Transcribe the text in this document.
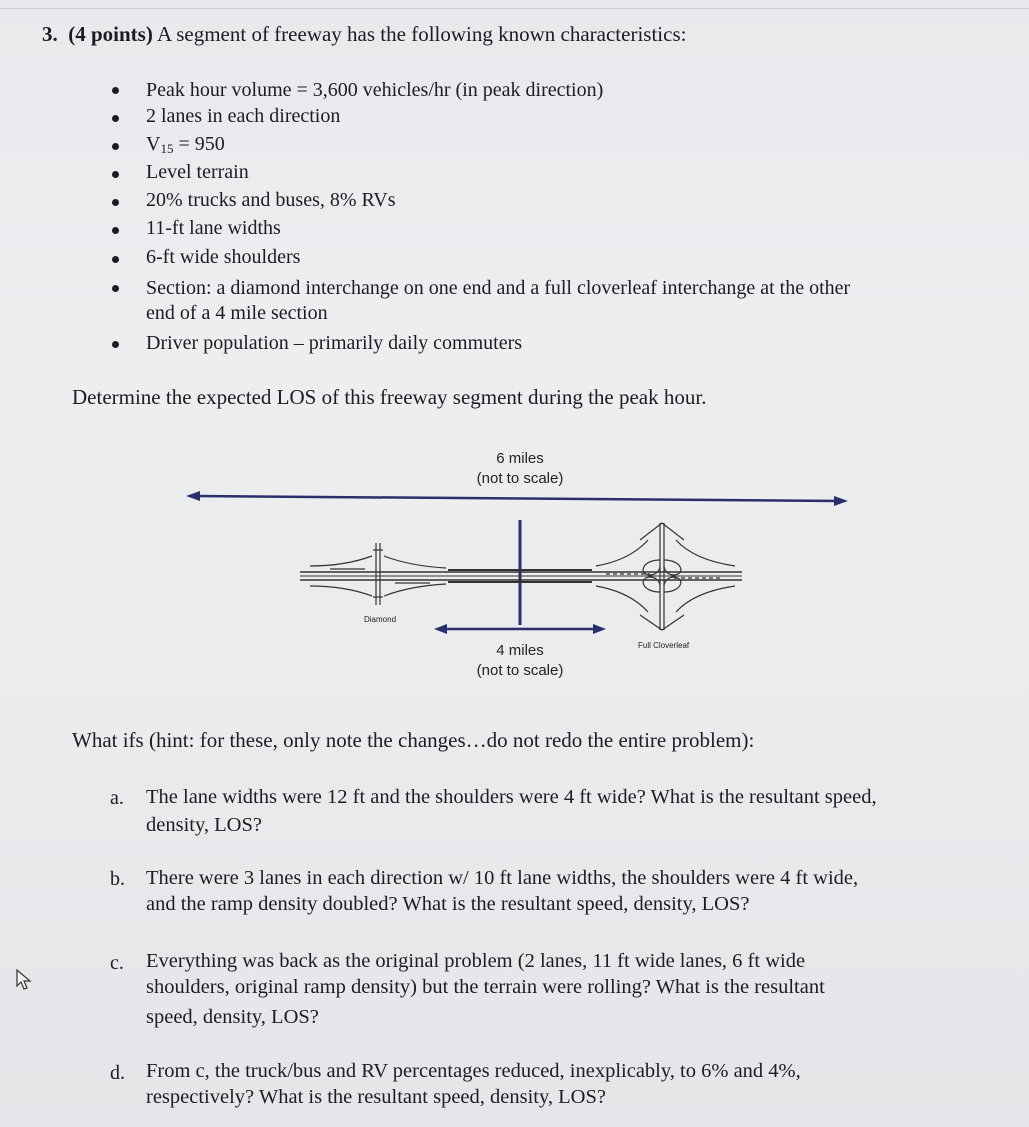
3. (4 points) A segment of freeway has the following known characteristics:
Peak hour volume = 3,600 vehicles/hr (in peak direction)
2 lanes in each direction
$V_{15} = 950$
Level terrain
20% trucks and buses, 8% RVs
11-ft lane widths
6-ft wide shoulders
Section: a diamond interchange on one end and a full cloverleaf interchange at the other
end of a 4 mile section
Driver population – primarily daily commuters
Determine the expected LOS of this freeway segment during the peak hour.
6 miles
(not to scale)
4 miles
(not to scale)
Diamond
Full Cloverleaf
What ifs (hint: for these, only note the changes…do not redo the entire problem):
a. The lane widths were 12 ft and the shoulders were 4 ft wide? What is the resultant speed,
density, LOS?
b. There were 3 lanes in each direction w/ 10 ft lane widths, the shoulders were 4 ft wide,
and the ramp density doubled? What is the resultant speed, density, LOS?
c. Everything was back as the original problem (2 lanes, 11 ft wide lanes, 6 ft wide
shoulders, original ramp density) but the terrain were rolling? What is the resultant
speed, density, LOS?
d. From c, the truck/bus and RV percentages reduced, inexplicably, to 6% and 4%,
respectively? What is the resultant speed, density, LOS?
